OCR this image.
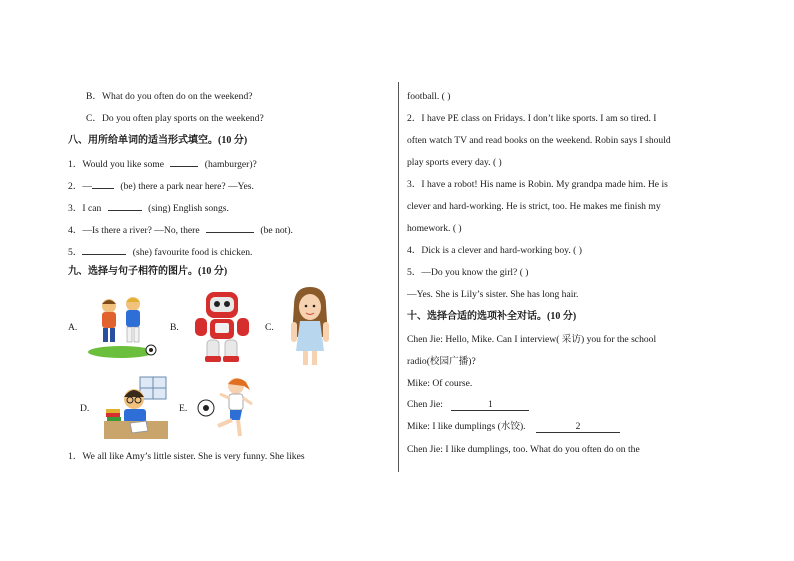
B．What do you often do on the weekend?
C．Do you often play sports on the weekend?
八、用所给单词的适当形式填空。(10 分)
1．Would you like some	(hamburger)?
2．—	(be) there a park near here? —Yes.
3．I can	(sing) English songs.
4．—Is there a river? —No, there	(be not).
5．	(she) favourite food is chicken.
九、选择与句子相符的图片。(10 分)
A.	B.	C.
D.	E.
1．We all like Amy’s little sister. She is very funny. She likes
football. ( )
2．I have PE class on Fridays. I don’t like sports. I am so tired. I
often watch TV and read books on the weekend. Robin says I should
play sports every day. ( )
3．I have a robot! His name is Robin. My grandpa made him. He is
clever and hard-working. He is strict, too. He makes me finish my
homework. ( )
4．Dick is a clever and hard-working boy. ( )
5．—Do you know the girl? ( )
—Yes. She is Lily’s sister. She has long hair.
十、选择合适的选项补全对话。(10 分)
Chen Jie: Hello, Mike. Can I interview( 采访) you for the school
radio(校园广播)?
Mike: Of course.
Chen Jie:	1
Mike: I like dumplings (水饺).	2
Chen Jie: I like dumplings, too. What do you often do on the
